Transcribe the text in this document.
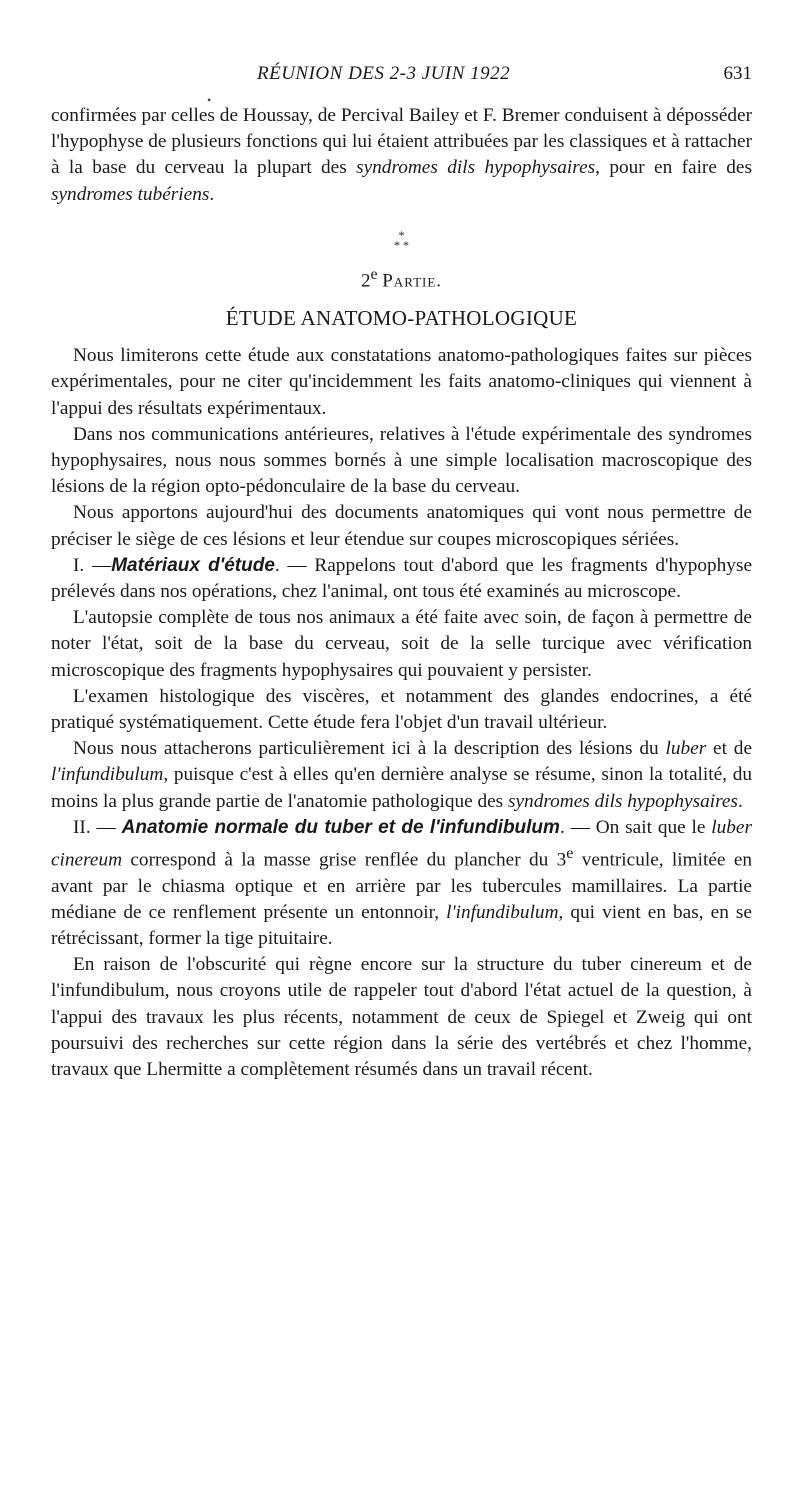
•
RÉUNION DES 2-3 JUIN 1922	631

confirmées par celles de Houssay, de Percival Bailey et F. Bremer conduisent à déposséder l'hypophyse de plusieurs fonctions qui lui étaient attribuées par les classiques et à rattacher à la base du cerveau la plupart des syndromes dils hypophysaires, pour en faire des syndromes tubériens.

*
* *
2e Partie.
ÉTUDE ANATOMO-PATHOLOGIQUE

Nous limiterons cette étude aux constatations anatomo-pathologiques faites sur pièces expérimentales, pour ne citer qu'incidemment les faits anatomo-cliniques qui viennent à l'appui des résultats expérimentaux.

Dans nos communications antérieures, relatives à l'étude expérimentale des syndromes hypophysaires, nous nous sommes bornés à une simple localisation macroscopique des lésions de la région opto-pédonculaire de la base du cerveau.

Nous apportons aujourd'hui des documents anatomiques qui vont nous permettre de préciser le siège de ces lésions et leur étendue sur coupes microscopiques sériées.

I. —Matériaux d'étude. — Rappelons tout d'abord que les fragments d'hypophyse prélevés dans nos opérations, chez l'animal, ont tous été examinés au microscope.

L'autopsie complète de tous nos animaux a été faite avec soin, de façon à permettre de noter l'état, soit de la base du cerveau, soit de la selle turcique avec vérification microscopique des fragments hypophysaires qui pouvaient y persister.

L'examen histologique des viscères, et notamment des glandes endocrines, a été pratiqué systématiquement. Cette étude fera l'objet d'un travail ultérieur.

Nous nous attacherons particulièrement ici à la description des lésions du luber et de l'infundibulum, puisque c'est à elles qu'en dernière analyse se résume, sinon la totalité, du moins la plus grande partie de l'anatomie pathologique des syndromes dils hypophysaires.

II. — Anatomie normale du tuber et de l'infundibulum. — On sait que le luber cinereum correspond à la masse grise renflée du plancher du 3e ventricule, limitée en avant par le chiasma optique et en arrière par les tubercules mamillaires. La partie médiane de ce renflement présente un entonnoir, l'infundibulum, qui vient en bas, en se rétrécissant, former la tige pituitaire.

En raison de l'obscurité qui règne encore sur la structure du tuber cinereum et de l'infundibulum, nous croyons utile de rappeler tout d'abord l'état actuel de la question, à l'appui des travaux les plus récents, notamment de ceux de Spiegel et Zweig qui ont poursuivi des recherches sur cette région dans la série des vertébrés et chez l'homme, travaux que Lhermitte a complètement résumés dans un travail récent.
